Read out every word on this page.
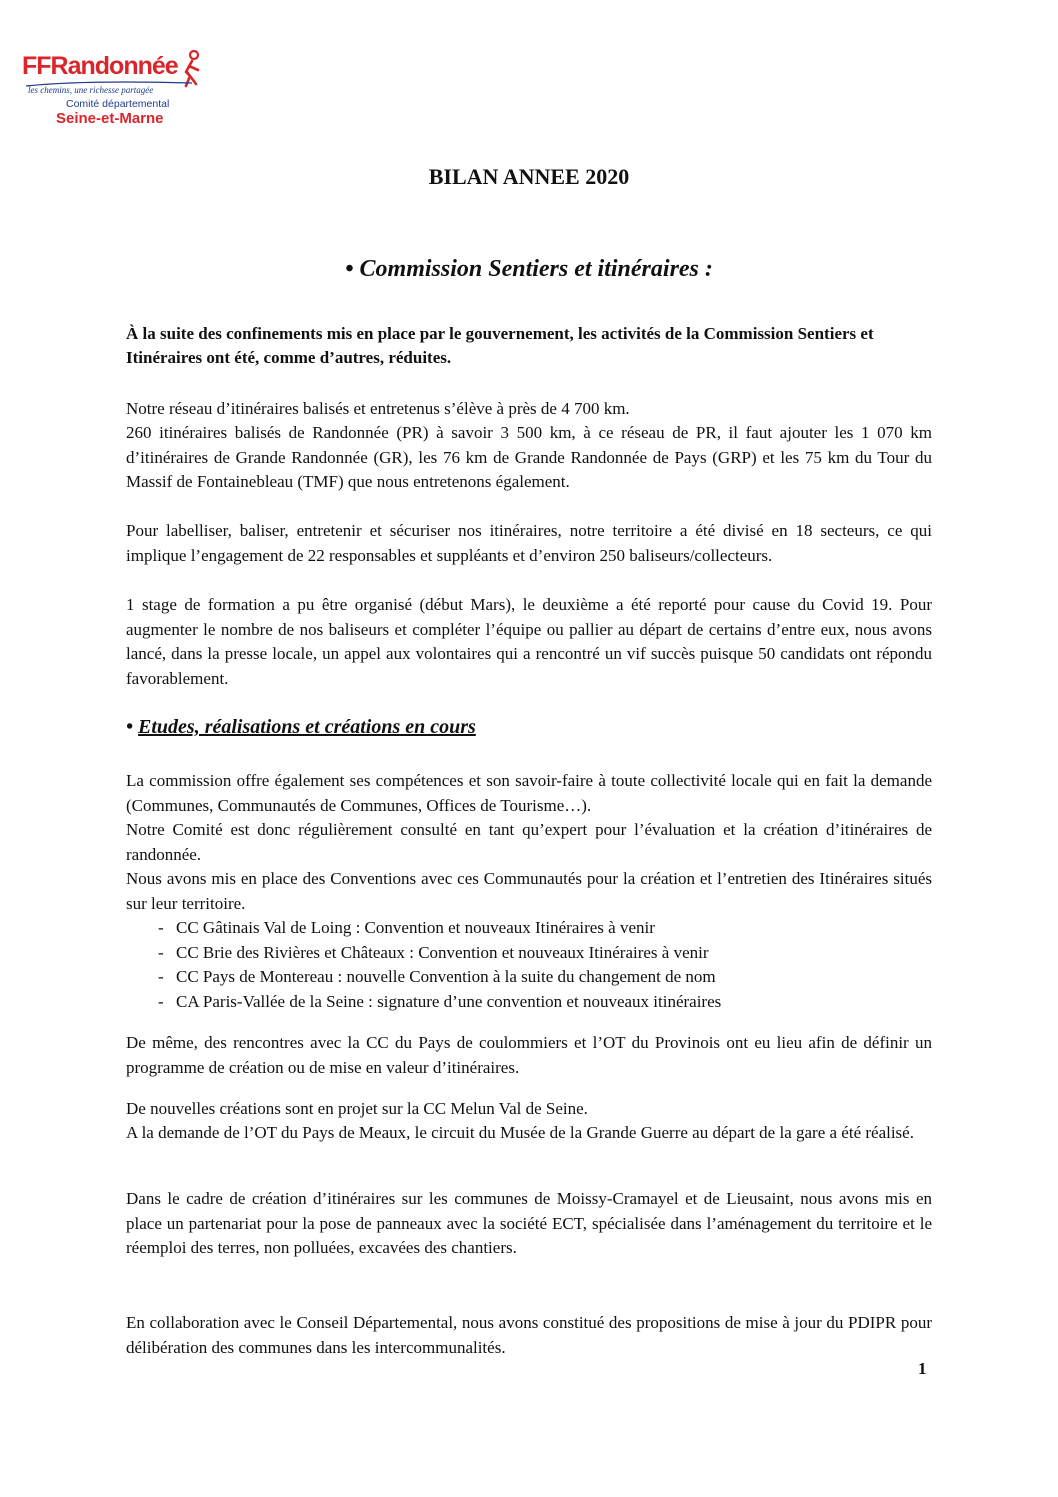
FFRandonnée
les chemins, une richesse partagée
Comité départemental
Seine-et-Marne
BILAN ANNEE 2020
• Commission Sentiers et itinéraires :
À la suite des confinements mis en place par le gouvernement, les activités de la Commission Sentiers et Itinéraires ont été, comme d’autres, réduites.
Notre réseau d’itinéraires balisés et entretenus s’élève à près de 4 700 km.
260 itinéraires balisés de Randonnée (PR) à savoir 3 500 km, à ce réseau de PR, il faut ajouter les 1 070 km d’itinéraires de Grande Randonnée (GR), les 76 km de Grande Randonnée de Pays (GRP) et les 75 km du Tour du Massif de Fontainebleau (TMF) que nous entretenons également.
Pour labelliser, baliser, entretenir et sécuriser nos itinéraires, notre territoire a été divisé en 18 secteurs, ce qui implique l’engagement de 22 responsables et suppléants et d’environ 250 baliseurs/collecteurs.
1 stage de formation a pu être organisé (début Mars), le deuxième a été reporté pour cause du Covid 19. Pour augmenter le nombre de nos baliseurs et compléter l’équipe ou pallier au départ de certains d’entre eux, nous avons lancé, dans la presse locale, un appel aux volontaires qui a rencontré un vif succès puisque 50 candidats ont répondu favorablement.
• Etudes, réalisations et créations en cours
La commission offre également ses compétences et son savoir-faire à toute collectivité locale qui en fait la demande (Communes, Communautés de Communes, Offices de Tourisme…).
Notre Comité est donc régulièrement consulté en tant qu’expert pour l’évaluation et la création d’itinéraires de randonnée.
Nous avons mis en place des Conventions avec ces Communautés pour la création et l’entretien des Itinéraires situés sur leur territoire.
- CC Gâtinais Val de Loing : Convention et nouveaux Itinéraires à venir
- CC Brie des Rivières et Châteaux : Convention et nouveaux Itinéraires à venir
- CC Pays de Montereau : nouvelle Convention à la suite du changement de nom
- CA Paris-Vallée de la Seine : signature d’une convention et nouveaux itinéraires
De même, des rencontres avec la CC du Pays de coulommiers et l’OT du Provinois ont eu lieu afin de définir un programme de création ou de mise en valeur d’itinéraires.
De nouvelles créations sont en projet sur la CC Melun Val de Seine.
A la demande de l’OT du Pays de Meaux, le circuit du Musée de la Grande Guerre au départ de la gare a été réalisé.
Dans le cadre de création d’itinéraires sur les communes de Moissy-Cramayel et de Lieusaint, nous avons mis en place un partenariat pour la pose de panneaux avec la société ECT, spécialisée dans l’aménagement du territoire et le réemploi des terres, non polluées, excavées des chantiers.
En collaboration avec le Conseil Départemental, nous avons constitué des propositions de mise à jour du PDIPR pour délibération des communes dans les intercommunalités.
1
